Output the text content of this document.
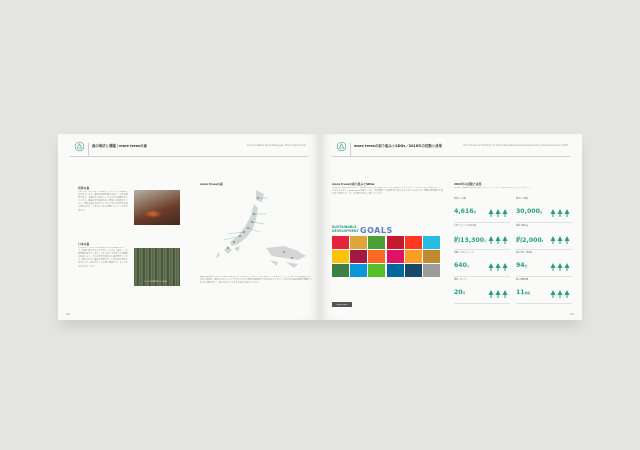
森の現状と課題｜more treesの森	Current Status and Challenges: More Trees Forest
世界の森
世界では、毎年およそ1,000万ヘクタールもの森林が失われています。森林は地球温暖化の防止、生物多様性の保全、水源のかん養など、さまざまな役割を担っています。違法伐採や森林火災、農地への転換などにより、森林は減少を続けています。私たちは世界の森の現状を知り、できることから行動していくことが大切です。
日本の森
日本は国土の約3分の2を森林が占める森林大国です。戦後に植えられたスギやヒノキの人工林は、いま利用期を迎えています。しかし担い手不足や木材価格の低迷により、手入れが行き届かない森が増えています。間伐されない森は光が届かず、土砂災害の危険も高まります。森を育て、木を使う循環をつくることが求められています。
手入れの行き届かない森林
more treesの森
more treesは日本全国と海外に森を持ち、地域の人々と協力しながら森づくりを進めています。国内では北海道から九州まで各地で、海外ではインドネシアやタイなどで植林や森林保全に取り組んでいます。それぞれの森の特徴や課題に合わせた活動を行い、森と人が共に生きる未来を目指しています。
004
more treesの取り組みとSDGs／2018年の活動と成果	More Trees Contribution to the Sustainable Development Goals / Achievements in 2018
more treesの取り組みとSDGs
2015年に国連で採択された「SDGs（持続可能な開発目標）」は、2030年までに達成すべき17の目標と169のターゲットからなります。more treesの森づくりは、気候変動への対策や陸の豊かさを守ることをはじめ、地域の雇用創出や質の高い教育など、多くの目標の達成に貢献しています。
SUSTAINABLE
DEVELOPMENT GOALS
more trees
2018年の活動と成果
2018年のmore treesの活動により、以下のような成果を得ることができました。
植林した本数
4,616本
間伐した面積
30,000㎡
木育イベントの参加人数
約13,300人
森林の吸収量
約2,000t
活動したボランティア
640人
協力企業・団体数
94社
講演・セミナー
20回
森の活動地域
11地域
005
